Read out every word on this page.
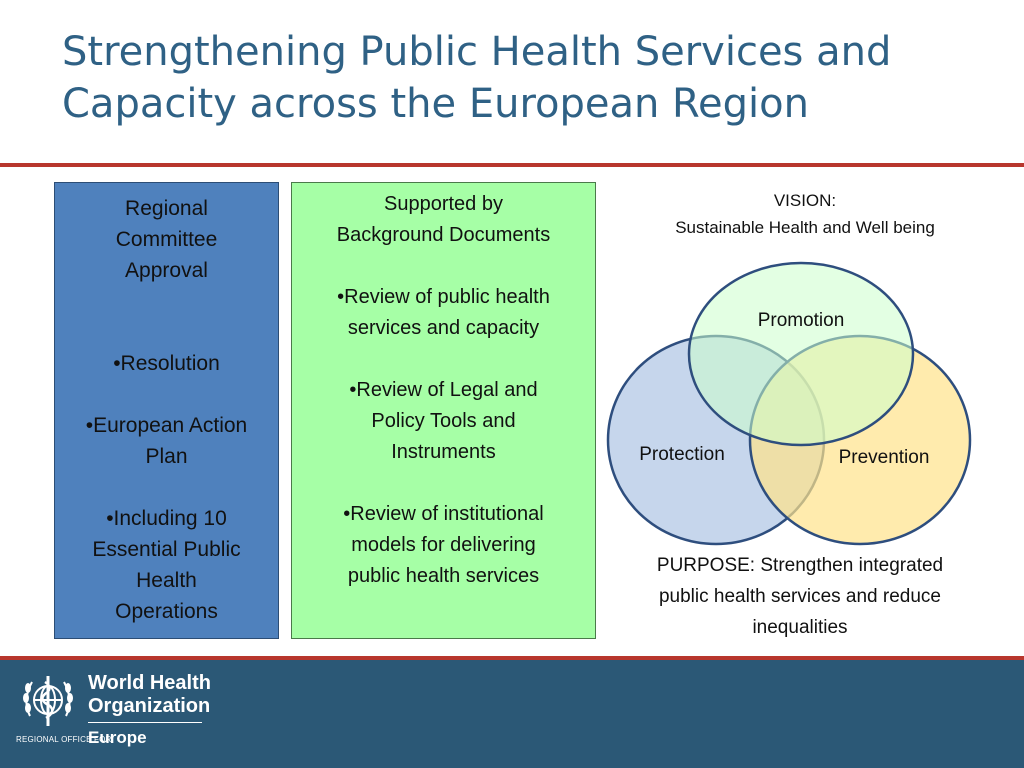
Strengthening Public Health Services and
Capacity across the European Region

Regional
Committee
Approval

•Resolution

•European Action
Plan

•Including 10
Essential Public
Health
Operations

Supported by
Background Documents

•Review of public health
services and capacity

•Review of Legal and
Policy Tools and
Instruments

•Review of institutional
models for delivering
public health services

VISION:
Sustainable Health and Well being
Promotion
Protection	Prevention
PURPOSE: Strengthen integrated
public health services and reduce
inequalities
World Health
Organization
REGIONAL OFFICE FOR
Europe
